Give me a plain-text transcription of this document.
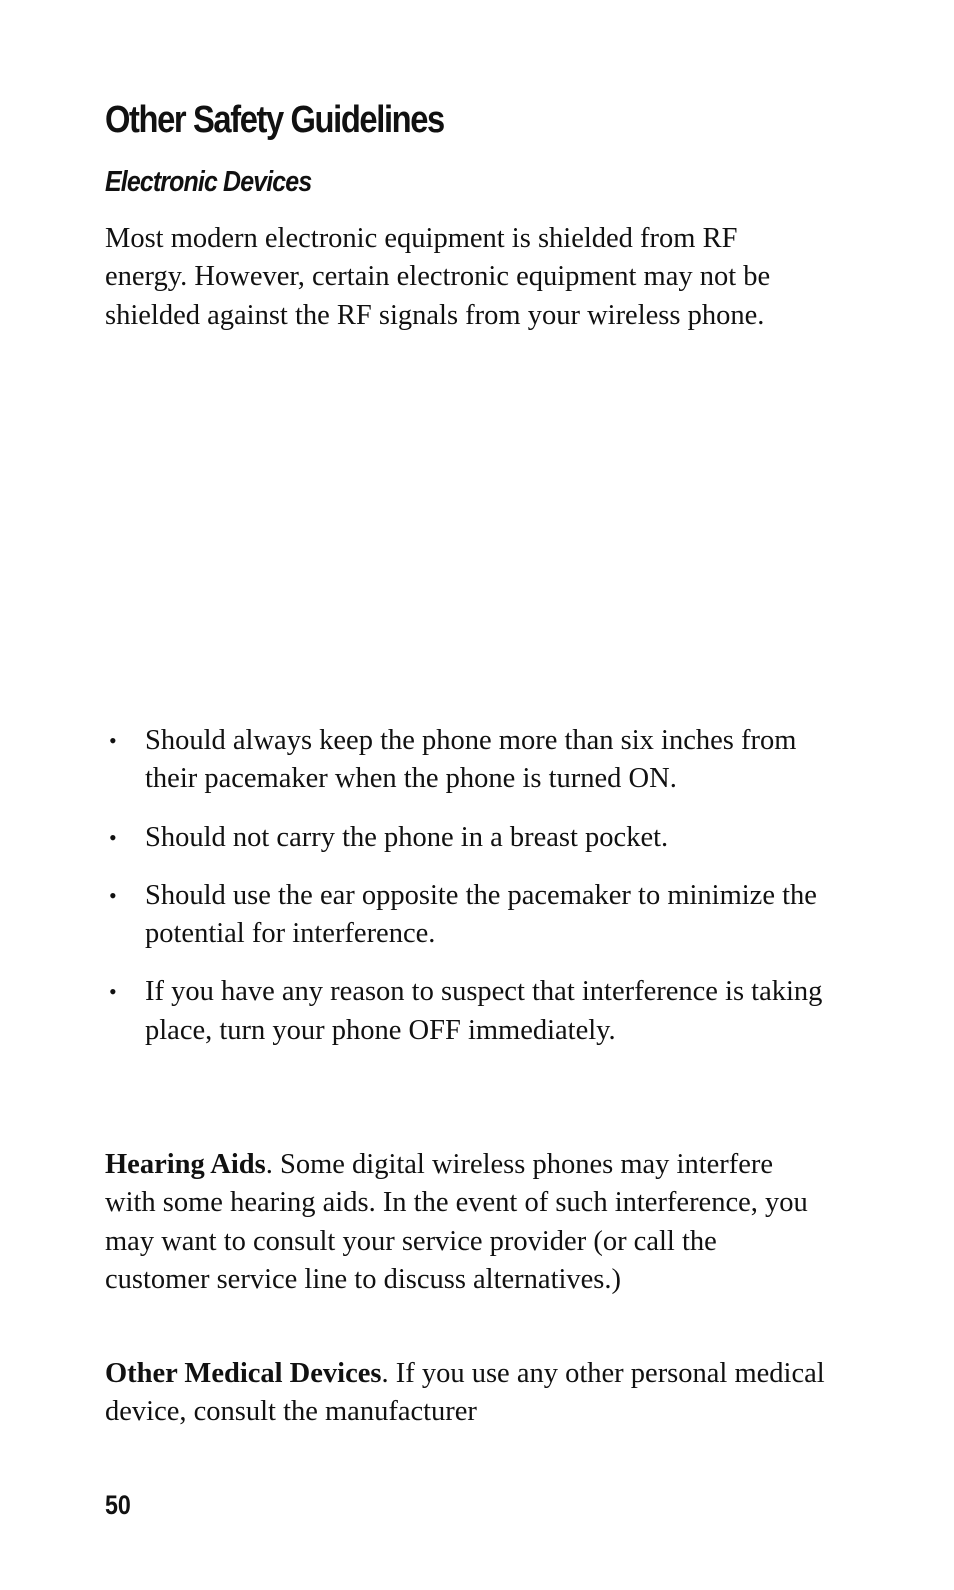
Other Safety Guidelines
Electronic Devices

Most modern electronic equipment is shielded from RF energy. However, certain electronic equipment may not be shielded against the RF signals from your wireless phone.

• Should always keep the phone more than six inches from their pacemaker when the phone is turned ON.
• Should not carry the phone in a breast pocket.
• Should use the ear opposite the pacemaker to minimize the potential for interference.
• If you have any reason to suspect that interference is taking place, turn your phone OFF immediately.

Hearing Aids. Some digital wireless phones may interfere with some hearing aids. In the event of such interference, you may want to consult your service provider (or call the customer service line to discuss alternatives.)

Other Medical Devices. If you use any other personal medical device, consult the manufacturer

50
